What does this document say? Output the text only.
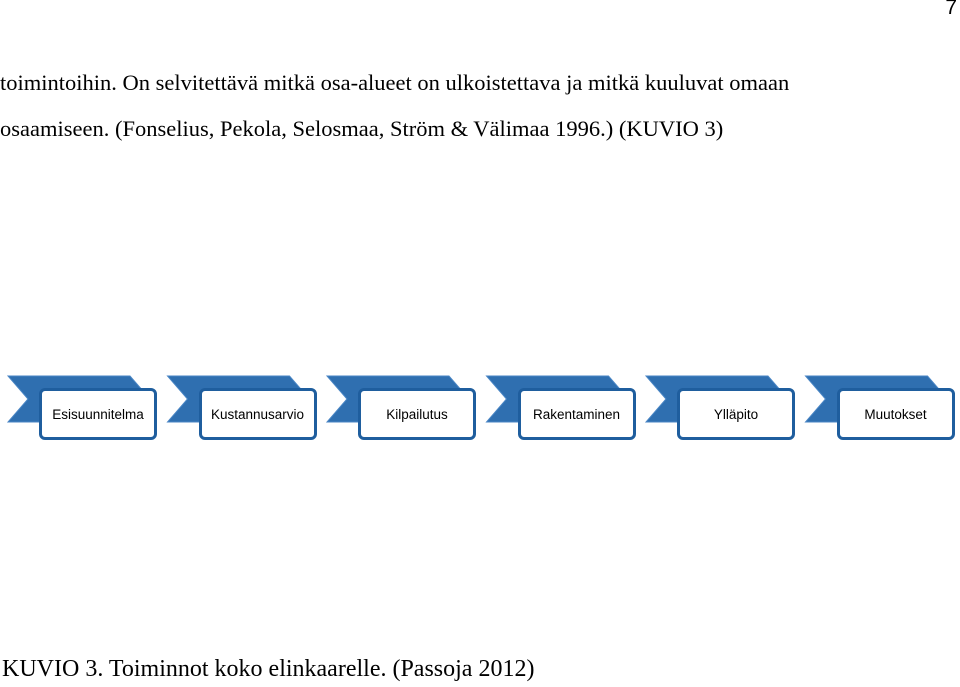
7
toimintoihin. On selvitettävä mitkä osa-alueet on ulkoistettava ja mitkä kuuluvat omaan
osaamiseen. (Fonselius, Pekola, Selosmaa, Ström & Välimaa 1996.) (KUVIO 3)
Esisuunnitelma	Kustannusarvio	Kilpailutus	Rakentaminen	Ylläpito	Muutokset
KUVIO 3. Toiminnot koko elinkaarelle. (Passoja 2012)
